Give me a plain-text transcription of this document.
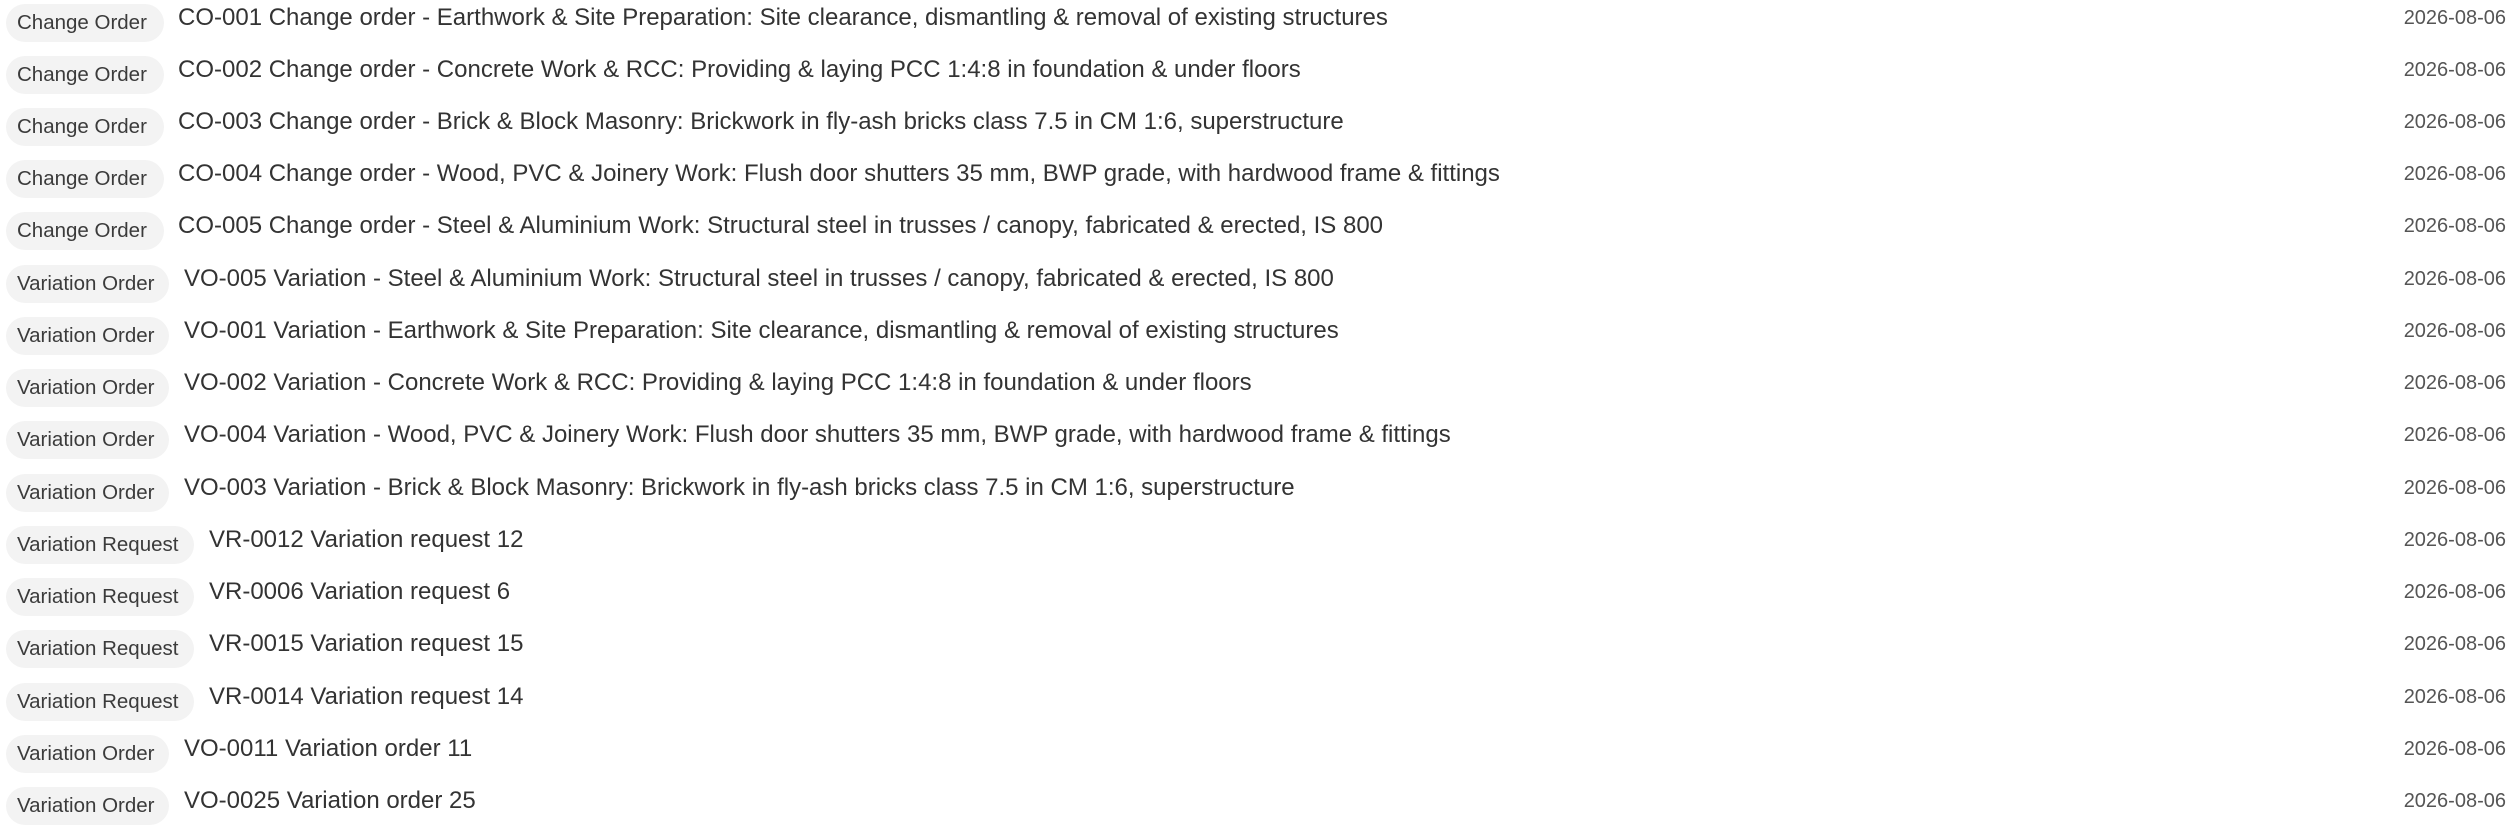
Change Order	CO-001 Change order - Earthwork & Site Preparation: Site clearance, dismantling & removal of existing structures	2026-08-06
Change Order	CO-002 Change order - Concrete Work & RCC: Providing & laying PCC 1:4:8 in foundation & under floors	2026-08-06
Change Order	CO-003 Change order - Brick & Block Masonry: Brickwork in fly-ash bricks class 7.5 in CM 1:6, superstructure	2026-08-06
Change Order	CO-004 Change order - Wood, PVC & Joinery Work: Flush door shutters 35 mm, BWP grade, with hardwood frame & fittings	2026-08-06
Change Order	CO-005 Change order - Steel & Aluminium Work: Structural steel in trusses / canopy, fabricated & erected, IS 800	2026-08-06
Variation Order	VO-005 Variation - Steel & Aluminium Work: Structural steel in trusses / canopy, fabricated & erected, IS 800	2026-08-06
Variation Order	VO-001 Variation - Earthwork & Site Preparation: Site clearance, dismantling & removal of existing structures	2026-08-06
Variation Order	VO-002 Variation - Concrete Work & RCC: Providing & laying PCC 1:4:8 in foundation & under floors	2026-08-06
Variation Order	VO-004 Variation - Wood, PVC & Joinery Work: Flush door shutters 35 mm, BWP grade, with hardwood frame & fittings	2026-08-06
Variation Order	VO-003 Variation - Brick & Block Masonry: Brickwork in fly-ash bricks class 7.5 in CM 1:6, superstructure	2026-08-06
Variation Request	VR-0012 Variation request 12	2026-08-06
Variation Request	VR-0006 Variation request 6	2026-08-06
Variation Request	VR-0015 Variation request 15	2026-08-06
Variation Request	VR-0014 Variation request 14	2026-08-06
Variation Order	VO-0011 Variation order 11	2026-08-06
Variation Order	VO-0025 Variation order 25	2026-08-06
